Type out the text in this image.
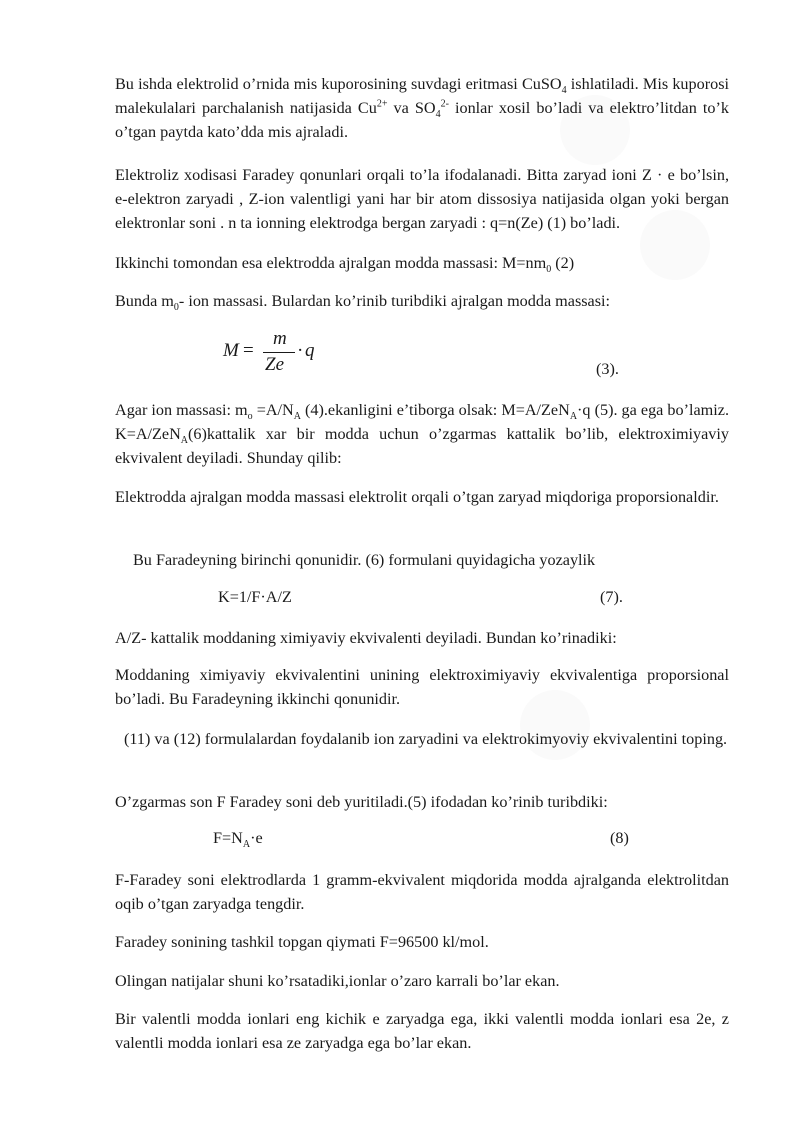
Bu ishda elektrolid o’rnida mis kuporosining suvdagi eritmasi CuSO$_4$ ishlatiladi. Mis kuporosi malekulalari parchalanish natijasida $Cu^{2+}$ va $SO_4^{2-}$ ionlar xosil bo’ladi va elektro’litdan to’k o’tgan paytda kato’dda mis ajraladi.

Elektroliz xodisasi Faradey qonunlari orqali to’la ifodalanadi. Bitta zaryad ioni Z · e bo’lsin, e-elektron zaryadi , Z-ion valentligi yani har bir atom dissosiya natijasida olgan yoki bergan elektronlar soni . n ta ionning elektrodga bergan zaryadi : q=n(Ze) (1) bo’ladi.

Ikkinchi tomondan esa elektrodda ajralgan modda massasi: $M=nm_0$ (2)

Bunda $m_0-$ ion massasi. Bulardan ko’rinib turibdiki ajralgan modda massasi:

M =
m
Ze
· q
(3).

Agar ion massasi: $m_o =A/N_A$ (4).ekanligini e’tiborga olsak: M=A/ZeN$_A$·q (5). ga ega bo’lamiz. K=A/ZeN$_A$(6)kattalik xar bir modda uchun o’zgarmas kattalik bo’lib, elektroximiyaviy ekvivalent deyiladi. Shunday qilib:

Elektrodda ajralgan modda massasi elektrolit orqali o’tgan zaryad miqdoriga proporsionaldir.

Bu Faradeyning birinchi qonunidir. (6) formulani quyidagicha yozaylik

K=1/F·A/Z	(7).

A/Z- kattalik moddaning ximiyaviy ekvivalenti deyiladi. Bundan ko’rinadiki:

Moddaning ximiyaviy ekvivalentini unining elektroximiyaviy ekvivalentiga proporsional bo’ladi. Bu Faradeyning ikkinchi qonunidir.

(11) va (12) formulalardan foydalanib ion zaryadini va elektrokimyoviy ekvivalentini toping.

O’zgarmas son F Faradey soni deb yuritiladi.(5) ifodadan ko’rinib turibdiki:

$F=N_A\cdot e$	(8)

F-Faradey soni elektrodlarda 1 gramm-ekvivalent miqdorida modda ajralganda elektrolitdan oqib o’tgan zaryadga tengdir.

Faradey sonining tashkil topgan qiymati F=96500 kl/mol.

Olingan natijalar shuni ko’rsatadiki,ionlar o’zaro karrali bo’lar ekan.

Bir valentli modda ionlari eng kichik e zaryadga ega, ikki valentli modda ionlari esa 2e, z valentli modda ionlari esa ze zaryadga ega bo’lar ekan.
